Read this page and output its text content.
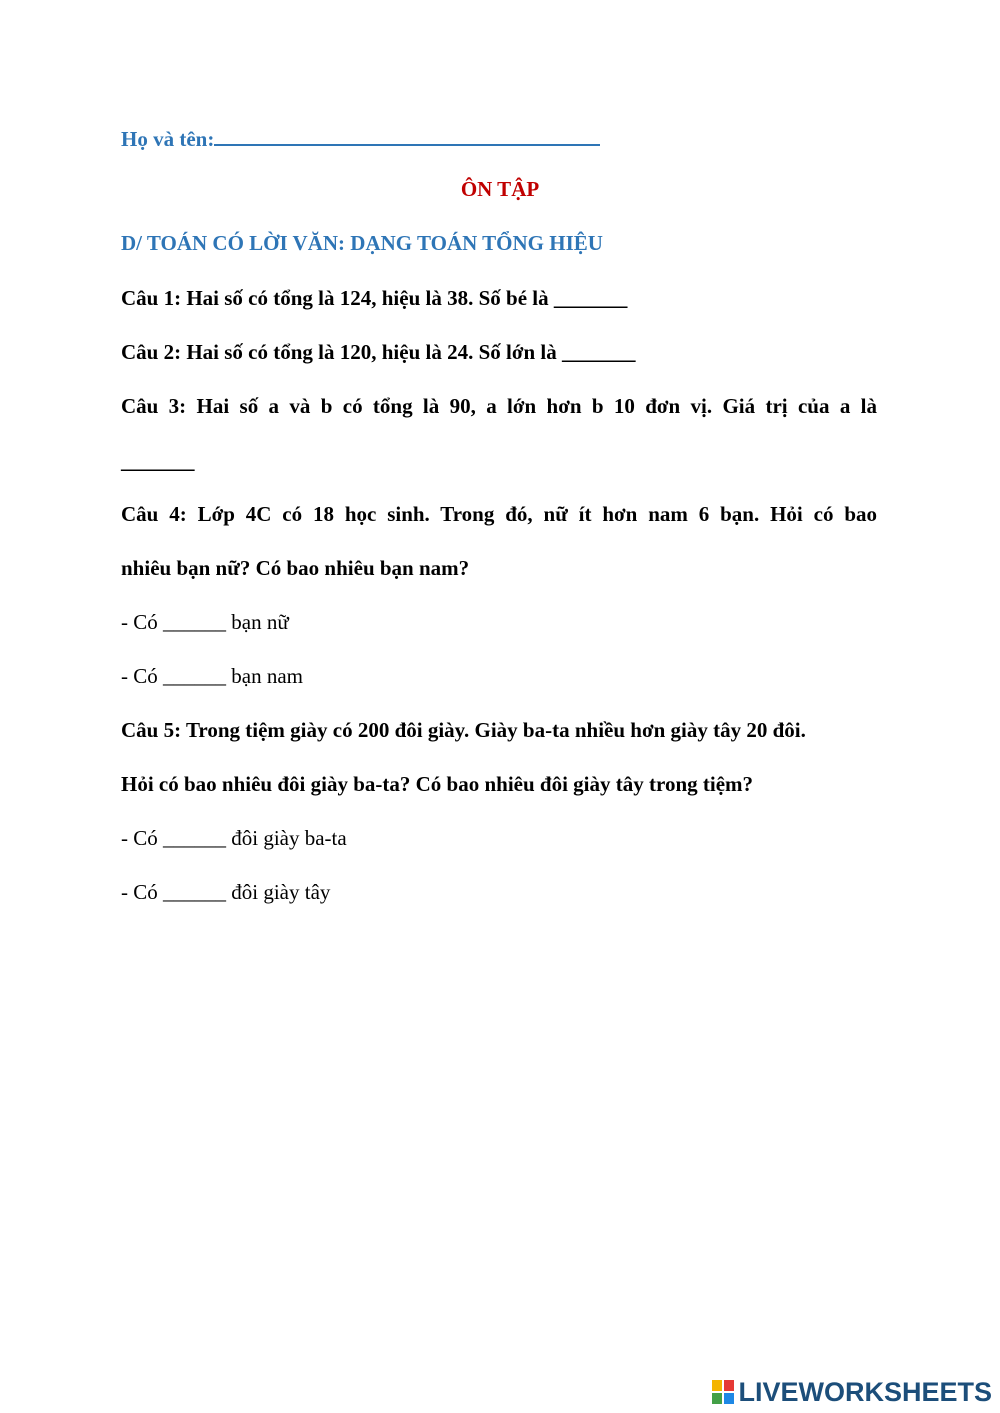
Họ và tên:
ÔN TẬP
D/ TOÁN CÓ LỜI VĂN: DẠNG TOÁN TỔNG HIỆU
Câu 1: Hai số có tổng là 124, hiệu là 38. Số bé là _______
Câu 2: Hai số có tổng là 120, hiệu là 24. Số lớn là _______
Câu 3: Hai số a và b có tổng là 90, a lớn hơn b 10 đơn vị. Giá trị của a là
_______
Câu 4: Lớp 4C có 18 học sinh. Trong đó, nữ ít hơn nam 6 bạn. Hỏi có bao
nhiêu bạn nữ? Có bao nhiêu bạn nam?
- Có ______ bạn nữ
- Có ______ bạn nam
Câu 5: Trong tiệm giày có 200 đôi giày. Giày ba-ta nhiều hơn giày tây 20 đôi.
Hỏi có bao nhiêu đôi giày ba-ta? Có bao nhiêu đôi giày tây trong tiệm?
- Có ______ đôi giày ba-ta
- Có ______ đôi giày tây
LIVEWORKSHEETS
